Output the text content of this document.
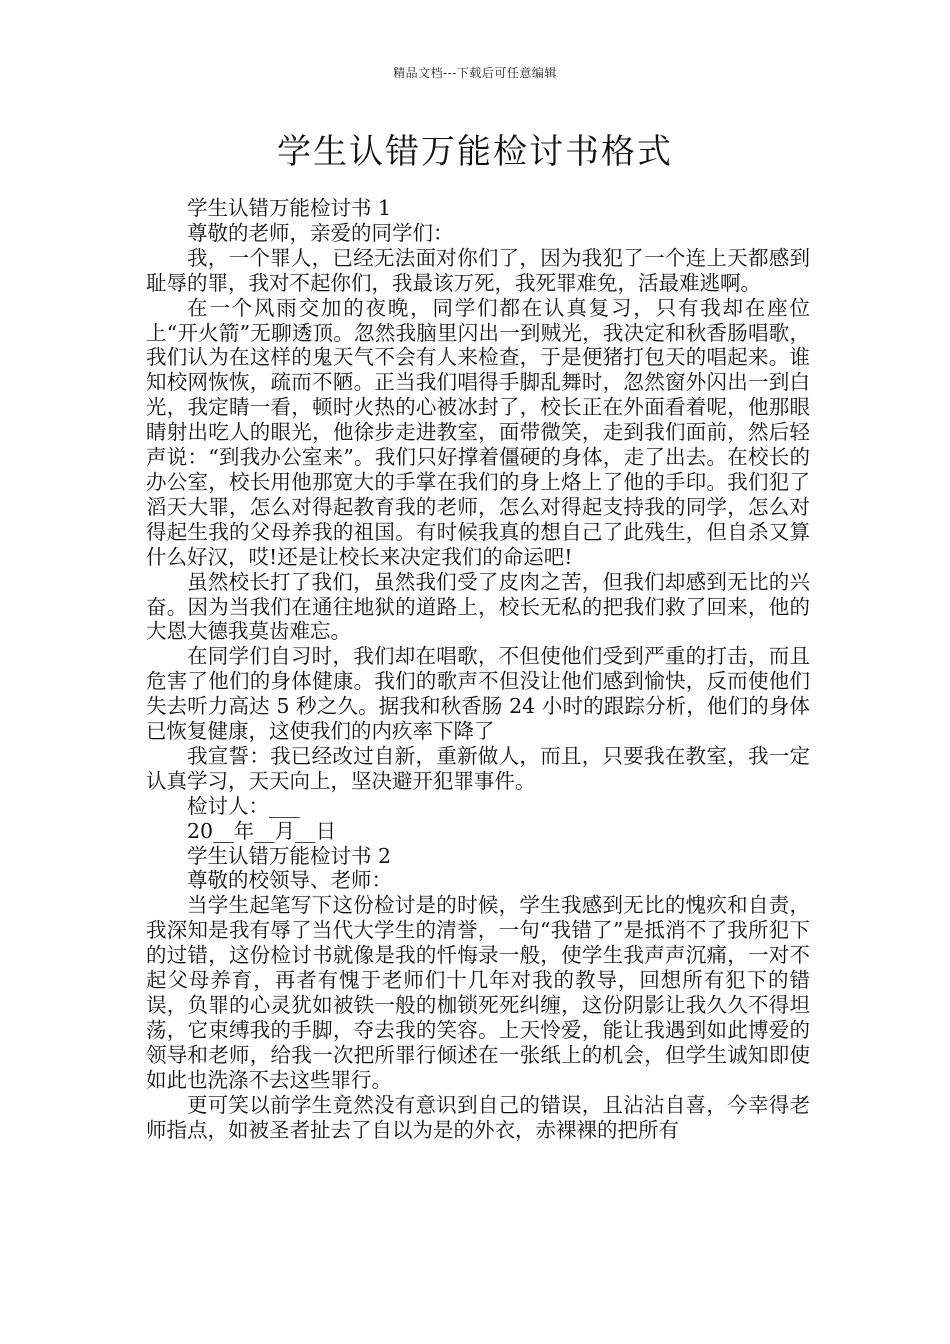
精品文档---下载后可任意编辑
学生认错万能检讨书格式

学生认错万能检讨书 1

尊敬的老师，亲爱的同学们：

我，一个罪人，已经无法面对你们了，因为我犯了一个连上天都感到耻辱的罪，我对不起你们，我最该万死，我死罪难免，活最难逃啊。

在一个风雨交加的夜晚，同学们都在认真复习，只有我却在座位上“开火箭”无聊透顶。忽然我脑里闪出一到贼光，我决定和秋香肠唱歌，我们认为在这样的鬼天气不会有人来检查，于是便猪打包天的唱起来。谁知校网恢恢，疏而不陋。正当我们唱得手脚乱舞时，忽然窗外闪出一到白光，我定睛一看，顿时火热的心被冰封了，校长正在外面看着呢，他那眼睛射出吃人的眼光，他徐步走进教室，面带微笑，走到我们面前，然后轻声说：“到我办公室来”。我们只好撑着僵硬的身体，走了出去。在校长的办公室，校长用他那宽大的手掌在我们的身上烙上了他的手印。我们犯了滔天大罪，怎么对得起教育我的老师，怎么对得起支持我的同学，怎么对得起生我的父母养我的祖国。有时候我真的想自己了此残生，但自杀又算什么好汉，哎!还是让校长来决定我们的命运吧!

虽然校长打了我们，虽然我们受了皮肉之苦，但我们却感到无比的兴奋。因为当我们在通往地狱的道路上，校长无私的把我们救了回来，他的大恩大德我莫齿难忘。

在同学们自习时，我们却在唱歌，不但使他们受到严重的打击，而且危害了他们的身体健康。我们的歌声不但没让他们感到愉快，反而使他们失去听力高达 5 秒之久。据我和秋香肠 24 小时的跟踪分析，他们的身体已恢复健康，这使我们的内疚率下降了

我宣誓：我已经改过自新，重新做人，而且，只要我在教室，我一定认真学习，天天向上，坚决避开犯罪事件。

检讨人：___

20__年__月__日

学生认错万能检讨书 2

尊敬的校领导、老师：

当学生起笔写下这份检讨是的时候，学生我感到无比的愧疚和自责，我深知是我有辱了当代大学生的清誉，一句“我错了”是抵消不了我所犯下的过错，这份检讨书就像是我的忏悔录一般，使学生我声声沉痛，一对不起父母养育，再者有愧于老师们十几年对我的教导，回想所有犯下的错误，负罪的心灵犹如被铁一般的枷锁死死纠缠，这份阴影让我久久不得坦荡，它束缚我的手脚，夺去我的笑容。上天怜爱，能让我遇到如此博爱的领导和老师，给我一次把所罪行倾述在一张纸上的机会，但学生诚知即使如此也洗涤不去这些罪行。

更可笑以前学生竟然没有意识到自己的错误，且沾沾自喜，今幸得老师指点，如被圣者扯去了自以为是的外衣，赤裸裸的把所有
